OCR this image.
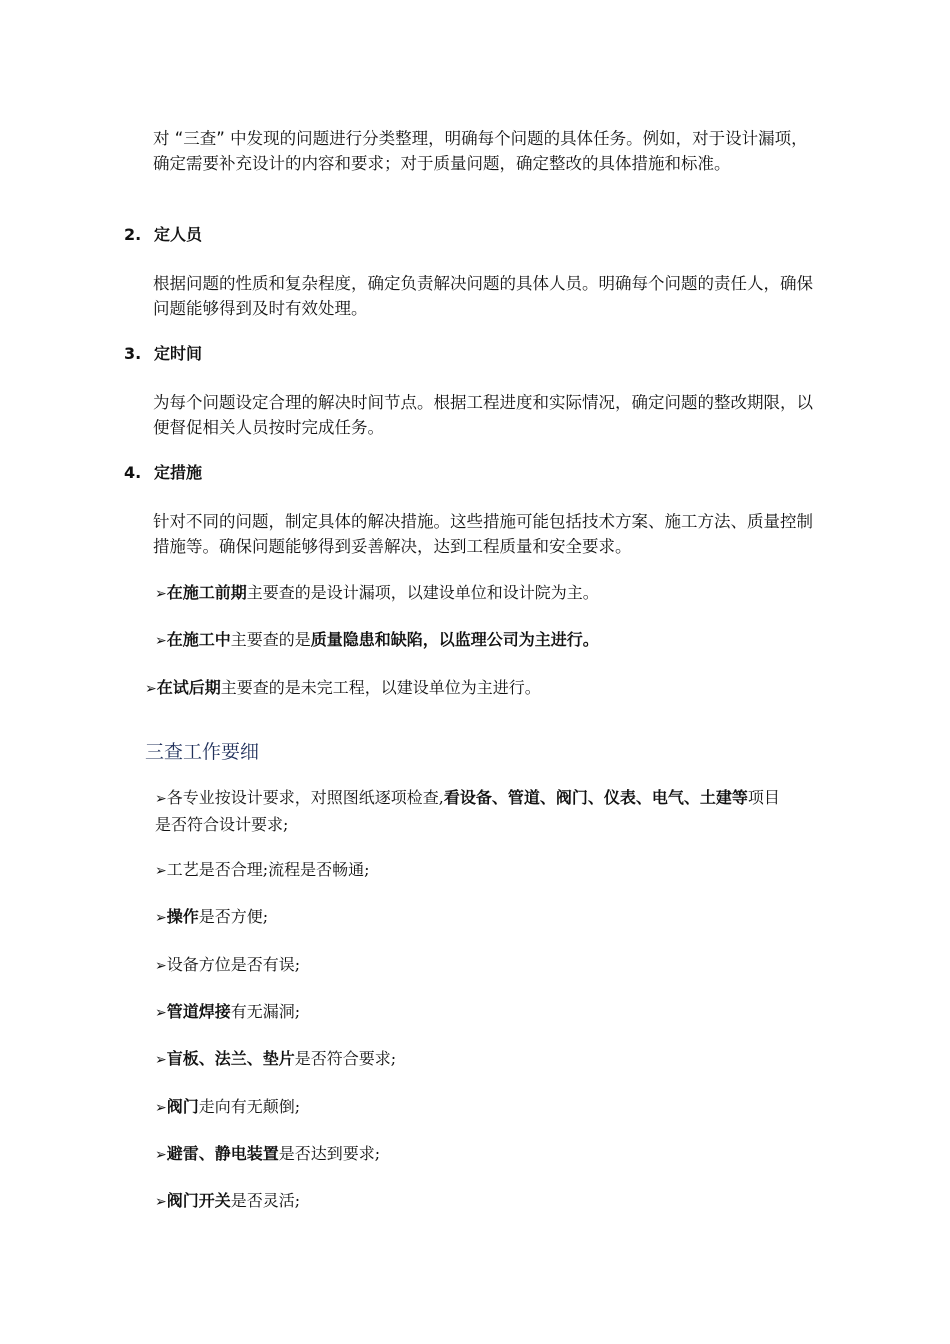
对 “三查” 中发现的问题进行分类整理，明确每个问题的具体任务。例如，对于设计漏项，确定需要补充设计的内容和要求；对于质量问题，确定整改的具体措施和标准。
2. 定人员
根据问题的性质和复杂程度，确定负责解决问题的具体人员。明确每个问题的责任人，确保问题能够得到及时有效处理。
3. 定时间
为每个问题设定合理的解决时间节点。根据工程进度和实际情况，确定问题的整改期限，以便督促相关人员按时完成任务。
4. 定措施
针对不同的问题，制定具体的解决措施。这些措施可能包括技术方案、施工方法、质量控制措施等。确保问题能够得到妥善解决，达到工程质量和安全要求。
➢在施工前期主要查的是设计漏项，以建设单位和设计院为主。
➢在施工中主要查的是质量隐患和缺陷，以监理公司为主进行。
➢在试后期主要查的是未完工程，以建设单位为主进行。
三查工作要细
➢各专业按设计要求，对照图纸逐项检查,看设备、管道、阀门、仪表、电气、土建等项目是否符合设计要求;
➢工艺是否合理;流程是否畅通;
➢操作是否方便;
➢设备方位是否有误;
➢管道焊接有无漏洞;
➢盲板、法兰、垫片是否符合要求;
➢阀门走向有无颠倒;
➢避雷、静电装置是否达到要求;
➢阀门开关是否灵活;
